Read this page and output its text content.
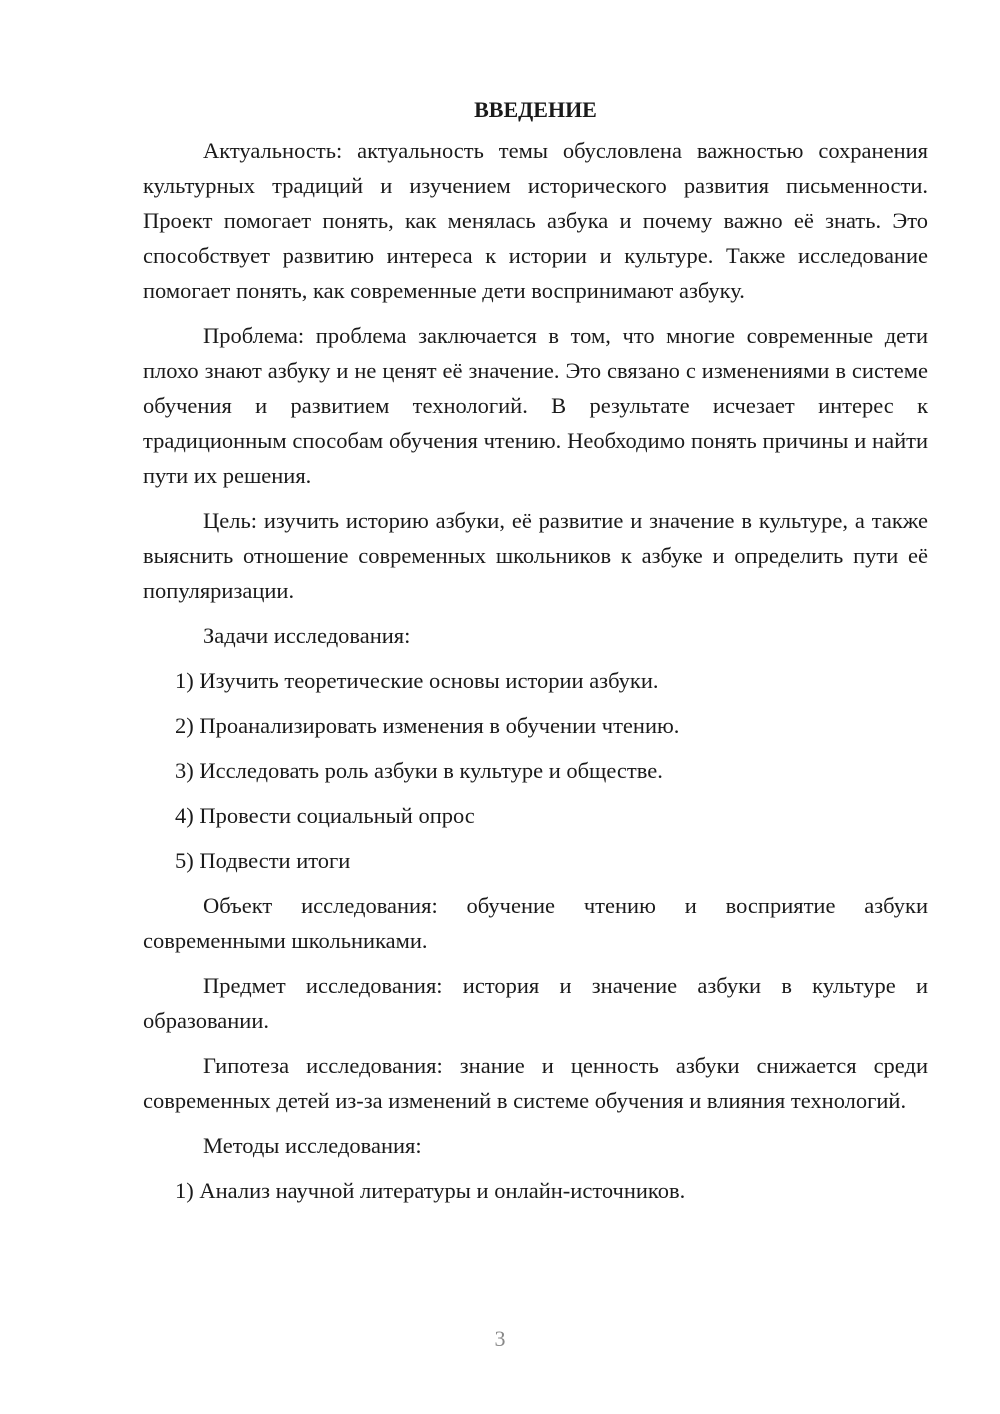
ВВЕДЕНИЕ

Актуальность: актуальность темы обусловлена важностью сохранения культурных традиций и изучением исторического развития письменности. Проект помогает понять, как менялась азбука и почему важно её знать. Это способствует развитию интереса к истории и культуре. Также исследование помогает понять, как современные дети воспринимают азбуку.

Проблема: проблема заключается в том, что многие современные дети плохо знают азбуку и не ценят её значение. Это связано с изменениями в системе обучения и развитием технологий. В результате исчезает интерес к традиционным способам обучения чтению. Необходимо понять причины и найти пути их решения.

Цель: изучить историю азбуки, её развитие и значение в культуре, а также выяснить отношение современных школьников к азбуке и определить пути её популяризации.

Задачи исследования:

1) Изучить теоретические основы истории азбуки.
2) Проанализировать изменения в обучении чтению.
3) Исследовать роль азбуки в культуре и обществе.
4) Провести социальный опрос
5) Подвести итоги

Объект исследования: обучение чтению и восприятие азбуки современными школьниками.

Предмет исследования: история и значение азбуки в культуре и образовании.

Гипотеза исследования: знание и ценность азбуки снижается среди современных детей из-за изменений в системе обучения и влияния технологий.

Методы исследования:

1) Анализ научной литературы и онлайн-источников.
3
